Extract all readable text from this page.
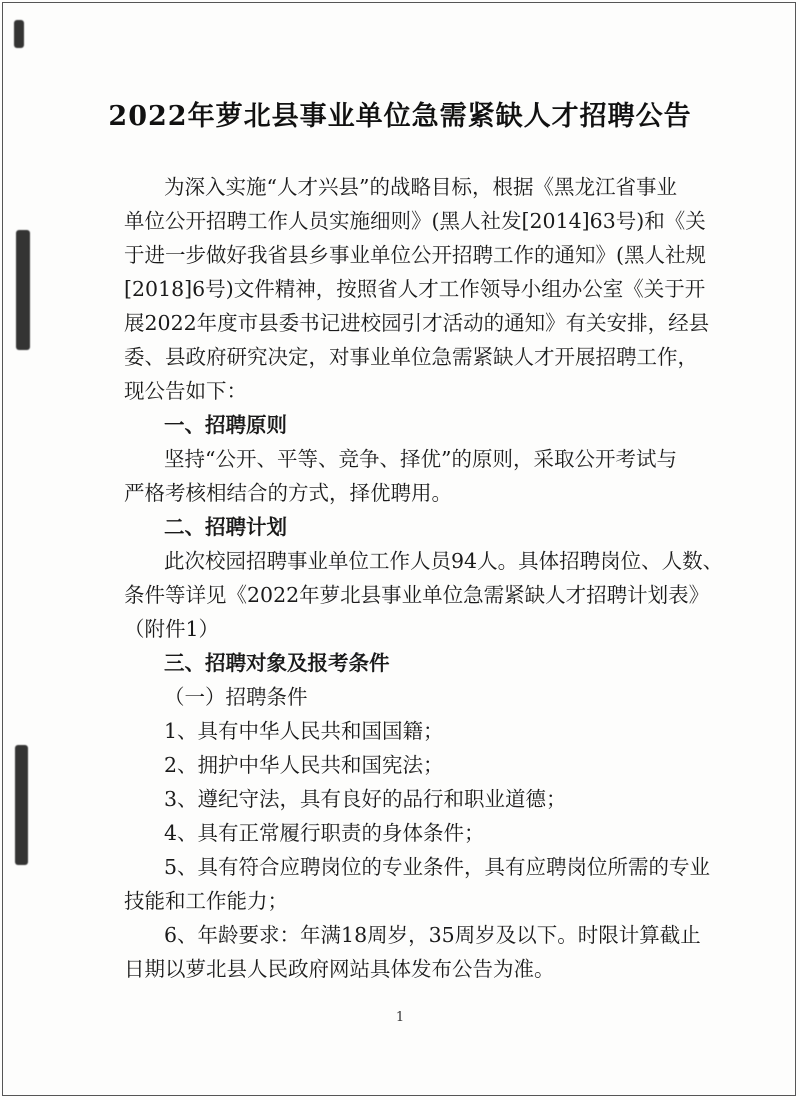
2022年萝北县事业单位急需紧缺人才招聘公告
为深入实施“人才兴县”的战略目标，根据《黑龙江省事业
单位公开招聘工作人员实施细则》(黑人社发[2014]63号)和《关
于进一步做好我省县乡事业单位公开招聘工作的通知》(黑人社规
[2018]6号)文件精神，按照省人才工作领导小组办公室《关于开
展2022年度市县委书记进校园引才活动的通知》有关安排，经县
委、县政府研究决定，对事业单位急需紧缺人才开展招聘工作，
现公告如下：
一、招聘原则
坚持“公开、平等、竞争、择优”的原则，采取公开考试与
严格考核相结合的方式，择优聘用。
二、招聘计划
此次校园招聘事业单位工作人员94人。具体招聘岗位、人数、
条件等详见《2022年萝北县事业单位急需紧缺人才招聘计划表》
（附件1）
三、招聘对象及报考条件
（一）招聘条件
1、具有中华人民共和国国籍；
2、拥护中华人民共和国宪法；
3、遵纪守法，具有良好的品行和职业道德；
4、具有正常履行职责的身体条件；
5、具有符合应聘岗位的专业条件，具有应聘岗位所需的专业
技能和工作能力；
6、年龄要求：年满18周岁，35周岁及以下。时限计算截止
日期以萝北县人民政府网站具体发布公告为准。
1
